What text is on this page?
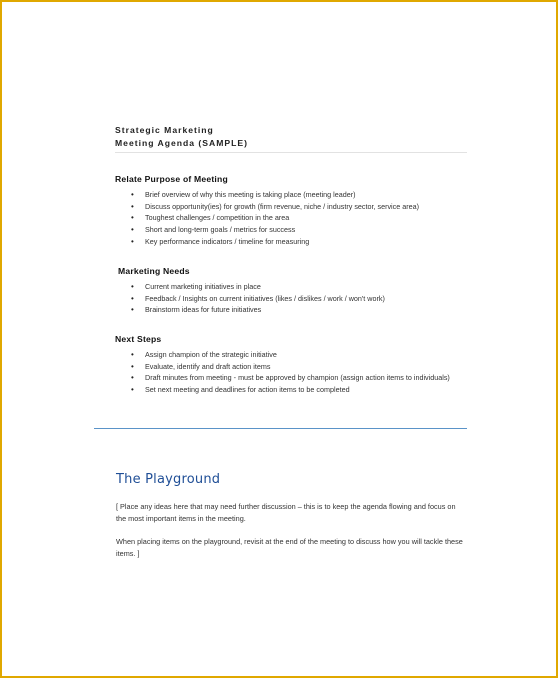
Strategic Marketing
Meeting Agenda (SAMPLE)
Relate Purpose of Meeting
• Brief overview of why this meeting is taking place (meeting leader)
• Discuss opportunity(ies) for growth (firm revenue, niche / industry sector, service area)
• Toughest challenges / competition in the area
• Short and long-term goals / metrics for success
• Key performance indicators / timeline for measuring
Marketing Needs
• Current marketing initiatives in place
• Feedback / Insights on current initiatives (likes / dislikes / work / won't work)
• Brainstorm ideas for future initiatives
Next Steps
• Assign champion of the strategic initiative
• Evaluate, identify and draft action items
• Draft minutes from meeting - must be approved by champion (assign action items to individuals)
• Set next meeting and deadlines for action items to be completed
The Playground
[ Place any ideas here that may need further discussion – this is to keep the agenda flowing and focus on the most important items in the meeting.
When placing items on the playground, revisit at the end of the meeting to discuss how you will tackle these items. ]
